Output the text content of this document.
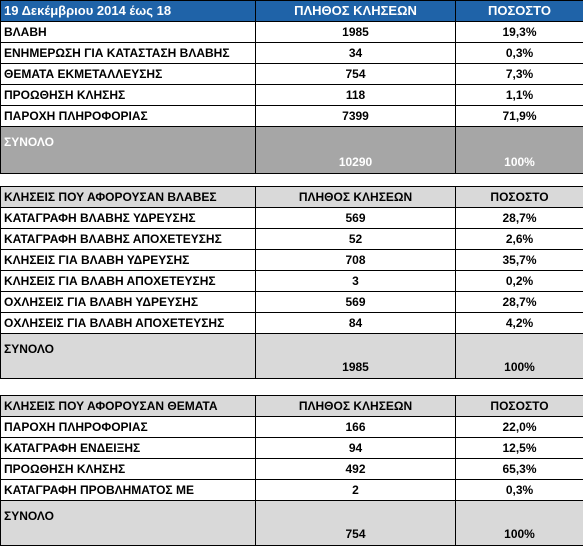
19 Δεκέμβριου 2014 έως 18	ΠΛΗΘΟΣ ΚΛΗΣΕΩΝ	ΠΟΣΟΣΤΟ
ΒΛΑΒΗ	1985	19,3%
ΕΝΗΜΕΡΩΣΗ ΓΙΑ ΚΑΤΑΣΤΑΣΗ ΒΛΑΒΗΣ	34	0,3%
ΘΕΜΑΤΑ ΕΚΜΕΤΑΛΛΕΥΣΗΣ	754	7,3%
ΠΡΟΩΘΗΣΗ ΚΛΗΣΗΣ	118	1,1%
ΠΑΡΟΧΗ ΠΛΗΡΟΦΟΡΙΑΣ	7399	71,9%
ΣΥΝΟΛΟ	10290	100%
ΚΛΗΣΕΙΣ ΠΟΥ ΑΦΟΡΟΥΣΑΝ ΒΛΑΒΕΣ	ΠΛΗΘΟΣ ΚΛΗΣΕΩΝ	ΠΟΣΟΣΤΟ
ΚΑΤΑΓΡΑΦΗ ΒΛΑΒΗΣ ΥΔΡΕΥΣΗΣ	569	28,7%
ΚΑΤΑΓΡΑΦΗ ΒΛΑΒΗΣ ΑΠΟΧΕΤΕΥΣΗΣ	52	2,6%
ΚΛΗΣΕΙΣ ΓΙΑ ΒΛΑΒΗ ΥΔΡΕΥΣΗΣ	708	35,7%
ΚΛΗΣΕΙΣ ΓΙΑ ΒΛΑΒΗ ΑΠΟΧΕΤΕΥΣΗΣ	3	0,2%
ΟΧΛΗΣΕΙΣ ΓΙΑ ΒΛΑΒΗ ΥΔΡΕΥΣΗΣ	569	28,7%
ΟΧΛΗΣΕΙΣ ΓΙΑ ΒΛΑΒΗ ΑΠΟΧΕΤΕΥΣΗΣ	84	4,2%
ΣΥΝΟΛΟ	1985	100%
ΚΛΗΣΕΙΣ ΠΟΥ ΑΦΟΡΟΥΣΑΝ ΘΕΜΑΤΑ	ΠΛΗΘΟΣ ΚΛΗΣΕΩΝ	ΠΟΣΟΣΤΟ
ΠΑΡΟΧΗ ΠΛΗΡΟΦΟΡΙΑΣ	166	22,0%
ΚΑΤΑΓΡΑΦΗ ΕΝΔΕΙΞΗΣ	94	12,5%
ΠΡΟΩΘΗΣΗ ΚΛΗΣΗΣ	492	65,3%
ΚΑΤΑΓΡΑΦΗ ΠΡΟΒΛΗΜΑΤΟΣ ΜΕ	2	0,3%
ΣΥΝΟΛΟ	754	100%
